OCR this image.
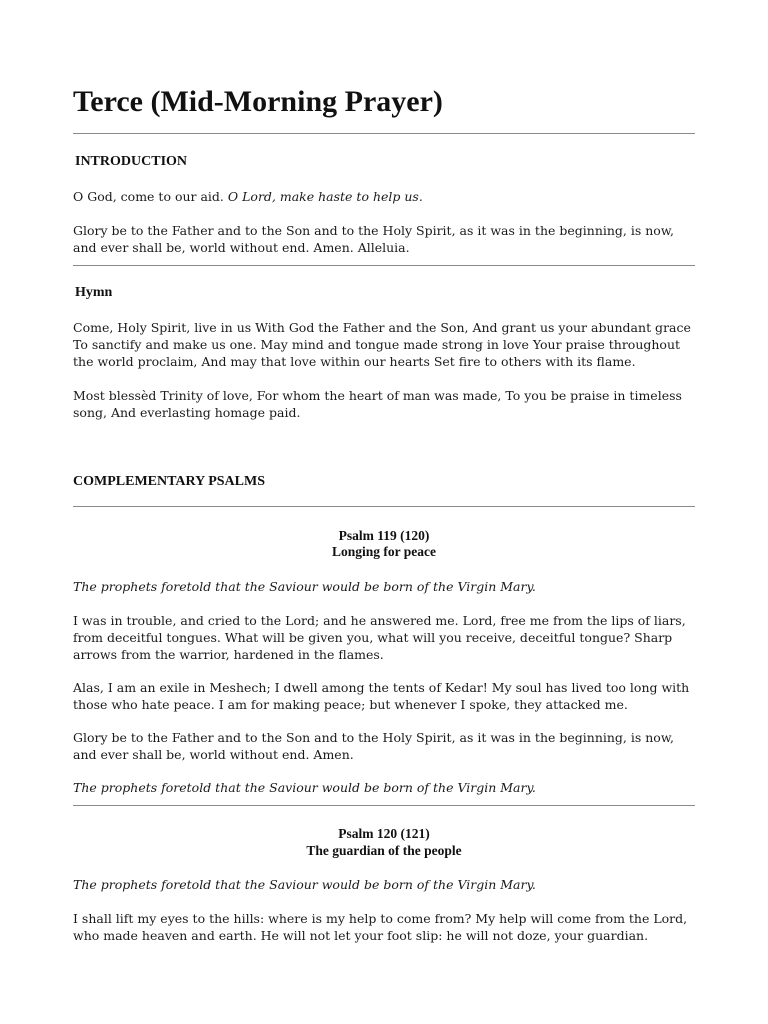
Terce (Mid-Morning Prayer)
INTRODUCTION

O God, come to our aid. O Lord, make haste to help us.

Glory be to the Father and to the Son and to the Holy Spirit, as it was in the beginning, is now, and ever shall be, world without end. Amen. Alleluia.

Hymn

Come, Holy Spirit, live in us With God the Father and the Son, And grant us your abundant grace To sanctify and make us one. May mind and tongue made strong in love Your praise throughout the world proclaim, And may that love within our hearts Set fire to others with its flame.

Most blessèd Trinity of love, For whom the heart of man was made, To you be praise in timeless song, And everlasting homage paid.

COMPLEMENTARY PSALMS

Psalm 119 (120)

Longing for peace

The prophets foretold that the Saviour would be born of the Virgin Mary.

I was in trouble, and cried to the Lord; and he answered me. Lord, free me from the lips of liars, from deceitful tongues. What will be given you, what will you receive, deceitful tongue? Sharp arrows from the warrior, hardened in the flames.

Alas, I am an exile in Meshech; I dwell among the tents of Kedar! My soul has lived too long with those who hate peace. I am for making peace; but whenever I spoke, they attacked me.

Glory be to the Father and to the Son and to the Holy Spirit, as it was in the beginning, is now, and ever shall be, world without end. Amen.

The prophets foretold that the Saviour would be born of the Virgin Mary.

Psalm 120 (121)

The guardian of the people

The prophets foretold that the Saviour would be born of the Virgin Mary.

I shall lift my eyes to the hills: where is my help to come from? My help will come from the Lord, who made heaven and earth. He will not let your foot slip: he will not doze, your guardian.
